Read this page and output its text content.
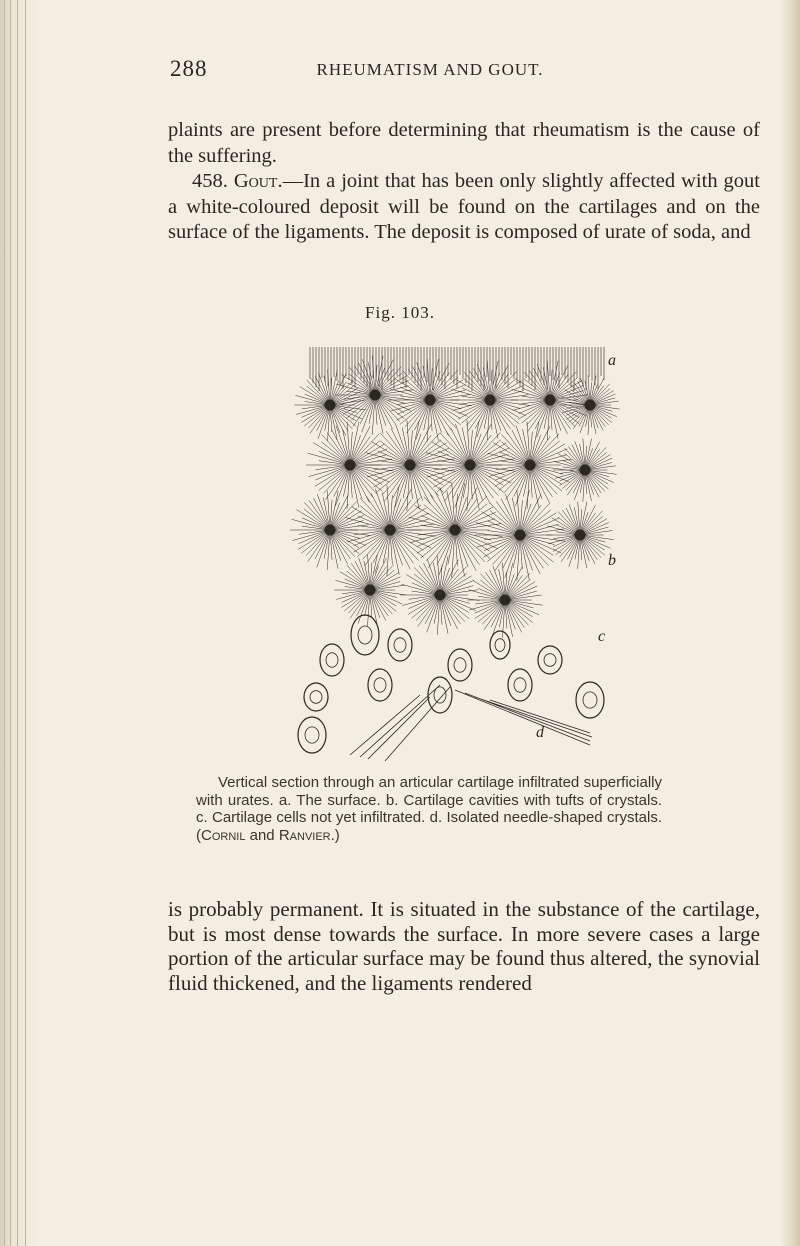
288	RHEUMATISM AND GOUT.

plaints are present before determining that rheumatism is the cause of the suffering.

458. Gout.—In a joint that has been only slightly affected with gout a white-coloured deposit will be found on the cartilages and on the surface of the ligaments. The deposit is composed of urate of soda, and

Fig. 103.
a
b
c
d

Vertical section through an articular cartilage infiltrated superficially with urates. a. The surface. b. Cartilage cavities with tufts of crystals. c. Cartilage cells not yet infiltrated. d. Isolated needle-shaped crystals. (Cornil and Ranvier.)

is probably permanent. It is situated in the substance of the cartilage, but is most dense towards the surface. In more severe cases a large portion of the articular surface may be found thus altered, the synovial fluid thickened, and the ligaments rendered
